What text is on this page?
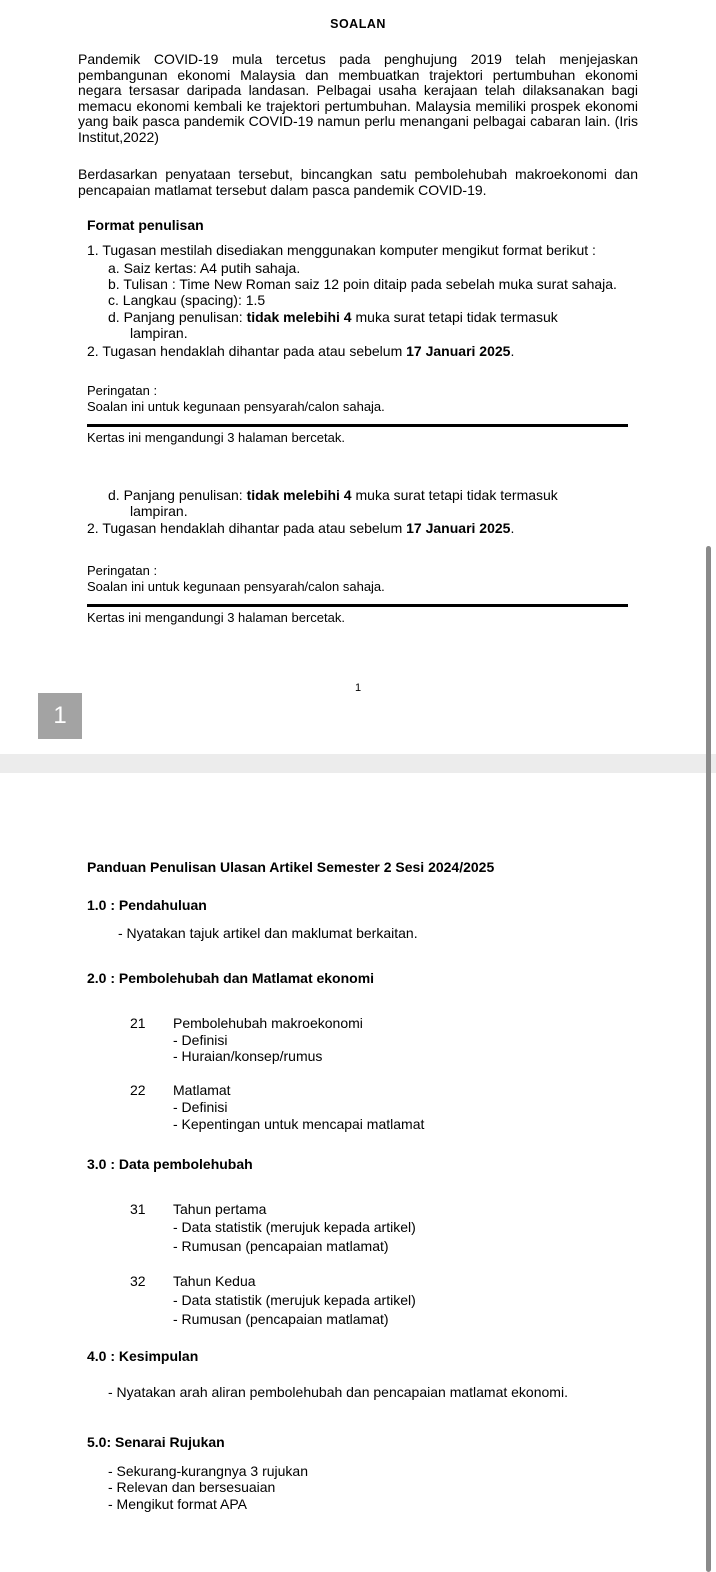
SOALAN
Pandemik COVID-19 mula tercetus pada penghujung 2019 telah menjejaskan pembangunan ekonomi Malaysia dan membuatkan trajektori pertumbuhan ekonomi negara tersasar daripada landasan. Pelbagai usaha kerajaan telah dilaksanakan bagi memacu ekonomi kembali ke trajektori pertumbuhan. Malaysia memiliki prospek ekonomi yang baik pasca pandemik COVID-19 namun perlu menangani pelbagai cabaran lain. (Iris Institut,2022)
Berdasarkan penyataan tersebut, bincangkan satu pembolehubah makroekonomi dan pencapaian matlamat tersebut dalam pasca pandemik COVID-19.
Format penulisan
1. Tugasan mestilah disediakan menggunakan komputer mengikut format berikut :
a. Saiz kertas: A4 putih sahaja.
b. Tulisan : Time New Roman saiz 12 poin ditaip pada sebelah muka surat sahaja.
c. Langkau (spacing): 1.5
d. Panjang penulisan: tidak melebihi 4 muka surat tetapi tidak termasuk
lampiran.
2. Tugasan hendaklah dihantar pada atau sebelum 17 Januari 2025.
Peringatan :
Soalan ini untuk kegunaan pensyarah/calon sahaja.
Kertas ini mengandungi 3 halaman bercetak.
d. Panjang penulisan: tidak melebihi 4 muka surat tetapi tidak termasuk
lampiran.
2. Tugasan hendaklah dihantar pada atau sebelum 17 Januari 2025.
Peringatan :
Soalan ini untuk kegunaan pensyarah/calon sahaja.
Kertas ini mengandungi 3 halaman bercetak.
1
1
Panduan Penulisan Ulasan Artikel Semester 2 Sesi 2024/2025
1.0 : Pendahuluan
- Nyatakan tajuk artikel dan maklumat berkaitan.
2.0 : Pembolehubah dan Matlamat ekonomi
21 Pembolehubah makroekonomi
- Definisi
- Huraian/konsep/rumus
22 Matlamat
- Definisi
- Kepentingan untuk mencapai matlamat
3.0 : Data pembolehubah
31 Tahun pertama
- Data statistik (merujuk kepada artikel)
- Rumusan (pencapaian matlamat)
32 Tahun Kedua
- Data statistik (merujuk kepada artikel)
- Rumusan (pencapaian matlamat)
4.0 : Kesimpulan
- Nyatakan arah aliran pembolehubah dan pencapaian matlamat ekonomi.
5.0: Senarai Rujukan
- Sekurang-kurangnya 3 rujukan
- Relevan dan bersesuaian
- Mengikut format APA
